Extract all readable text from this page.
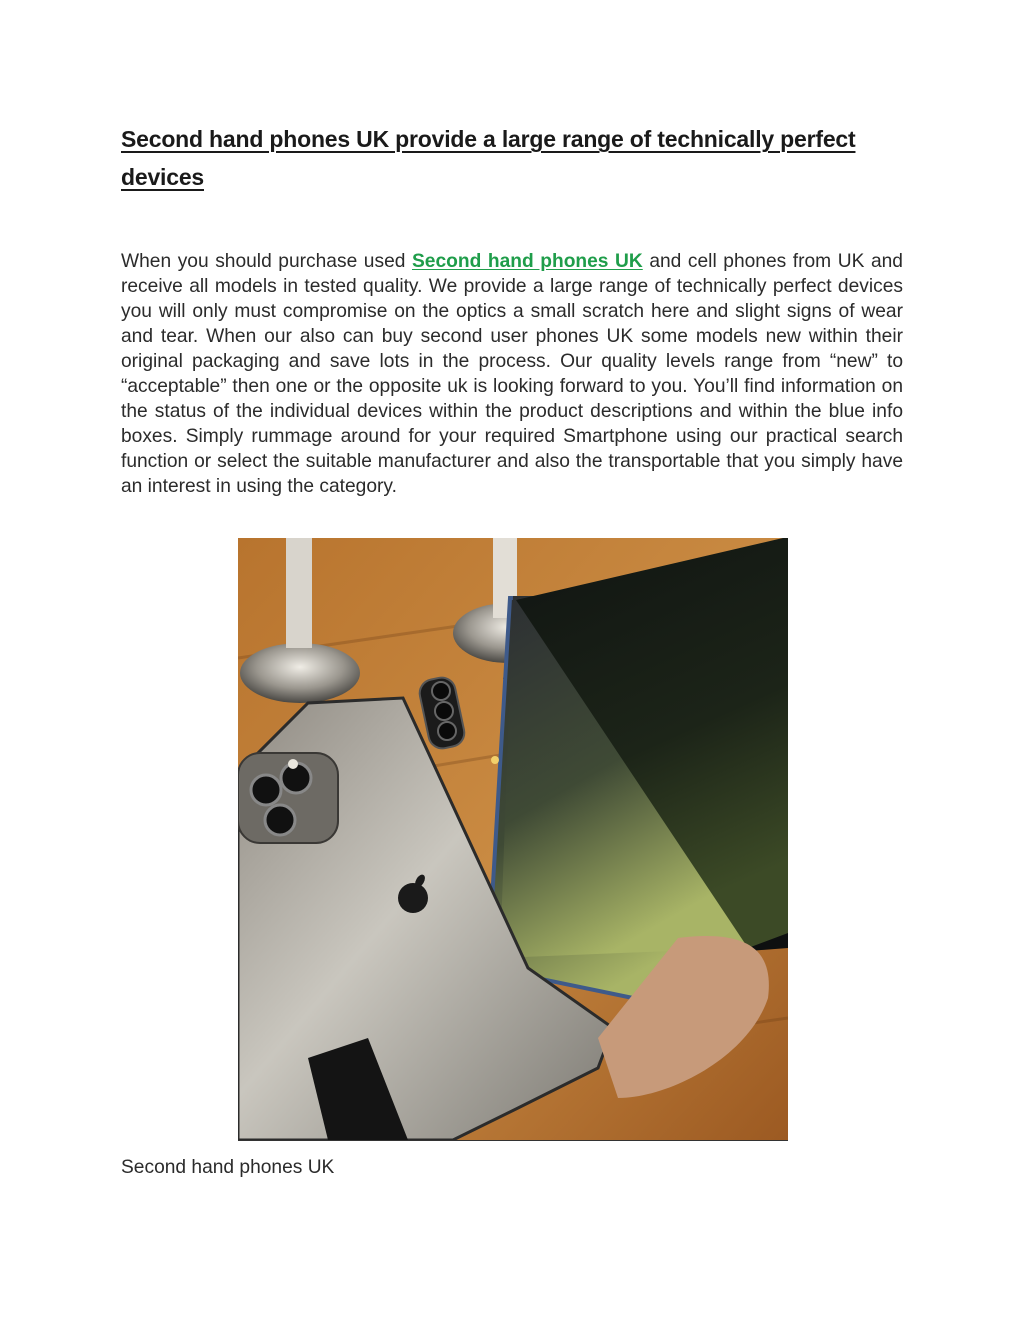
Second hand phones UK provide a large range of technically perfect devices

When you should purchase used Second hand phones UK and cell phones from UK and receive all models in tested quality. We provide a large range of technically perfect devices you will only must compromise on the optics a small scratch here and slight signs of wear and tear. When our also can buy second user phones UK some models new within their original packaging and save lots in the process. Our quality levels range from “new” to “acceptable” then one or the opposite uk is looking forward to you. You’ll find information on the status of the individual devices within the product descriptions and within the blue info boxes. Simply rummage around for your required Smartphone using our practical search function or select the suitable manufacturer and also the transportable that you simply have an interest in using the category.

Second hand phones UK
